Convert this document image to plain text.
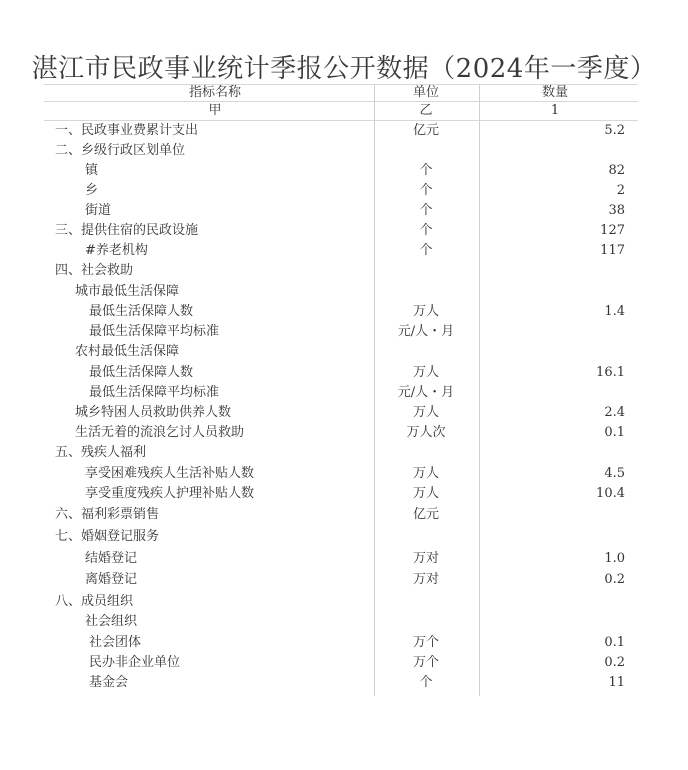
湛江市民政事业统计季报公开数据（2024年一季度）
指标名称	单位	数量
甲	乙	1
一、民政事业费累计支出	亿元	5.2
二、乡级行政区划单位
镇	个	82
乡	个	2
街道	个	38
三、提供住宿的民政设施	个	127
#养老机构	个	117
四、社会救助
城市最低生活保障
最低生活保障人数	万人	1.4
最低生活保障平均标准	元/人・月
农村最低生活保障
最低生活保障人数	万人	16.1
最低生活保障平均标准	元/人・月
城乡特困人员救助供养人数	万人	2.4
生活无着的流浪乞讨人员救助	万人次	0.1
五、残疾人福利
享受困难残疾人生活补贴人数	万人	4.5
享受重度残疾人护理补贴人数	万人	10.4
六、福利彩票销售	亿元
七、婚姻登记服务
结婚登记	万对	1.0
离婚登记	万对	0.2
八、成员组织
社会组织
社会团体	万个	0.1
民办非企业单位	万个	0.2
基金会	个	11
